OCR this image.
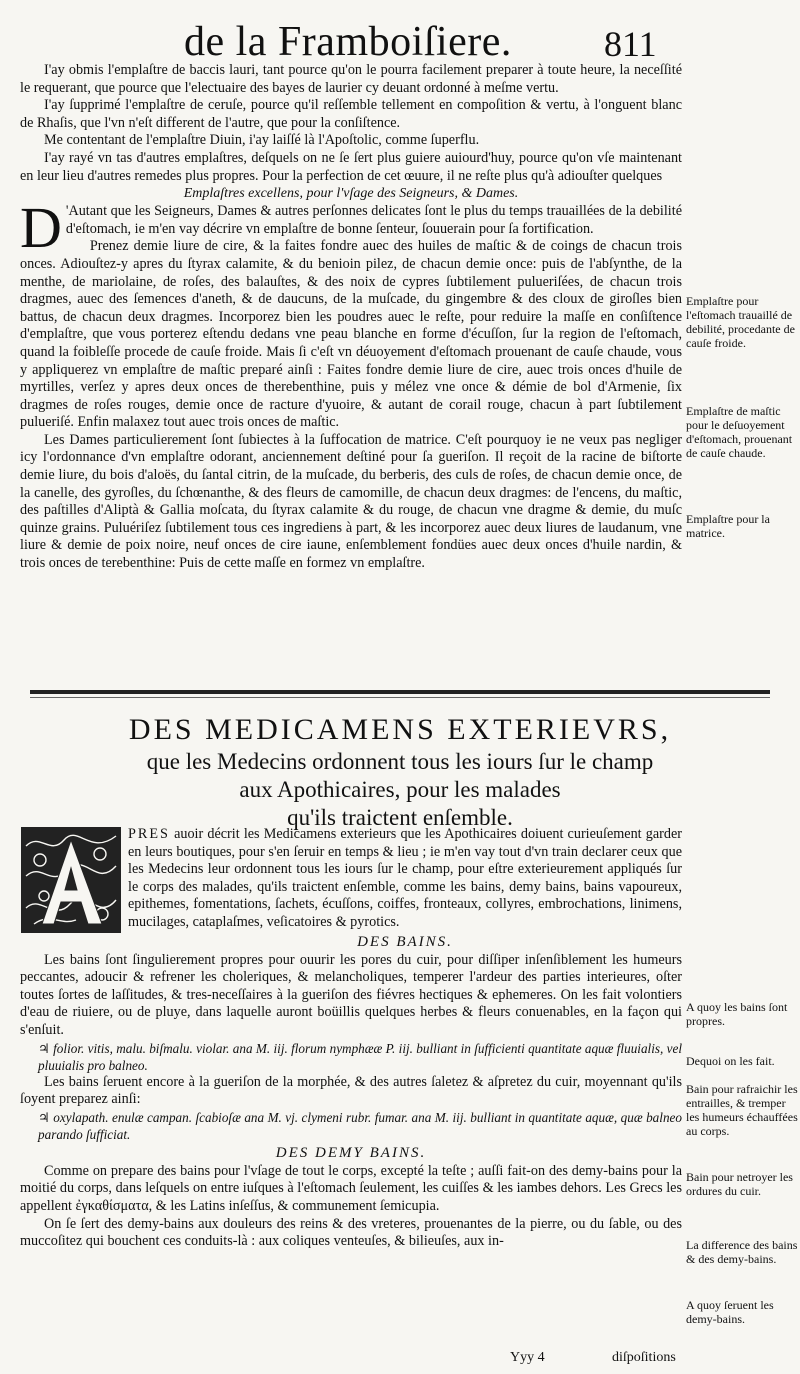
de la Framboiſiere.	811

I'ay obmis l'emplaſtre de baccis lauri, tant pource qu'on le pourra facilement preparer à toute heure, la neceſſité le requerant, que pource que l'electuaire des bayes de laurier cy deuant ordonné à meſme vertu.

I'ay ſupprimé l'emplaſtre de ceruſe, pource qu'il reſſemble tellement en compoſition & vertu, à l'onguent blanc de Rhaſis, que l'vn n'eſt different de l'autre, que pour la conſiſtence.

Me contentant de l'emplaſtre Diuin, i'ay laiſſé là l'Apoſtolic, comme ſuperflu.

I'ay rayé vn tas d'autres emplaſtres, deſquels on ne ſe ſert plus guiere auiourd'huy, pource qu'on vſe maintenant en leur lieu d'autres remedes plus propres. Pour la perfection de cet œuure, il ne reſte plus qu'à adiouſter quelques

Emplaſtres excellens, pour l'vſage des Seigneurs, & Dames.

D 'Autant que les Seigneurs, Dames & autres perſonnes delicates ſont le plus du temps trauaillées de la debilité d'eſtomach, ie m'en vay décrire vn emplaſtre de bonne ſenteur, ſouuerain pour ſa fortification.

Prenez demie liure de cire, & la faites fondre auec des huiles de maſtic & de coings de chacun trois onces. Adiouſtez-y apres du ſtyrax calamite, & du benioin pilez, de chacun demie once: puis de l'abſynthe, de la menthe, de mariolaine, de roſes, des balauſtes, & des noix de cypres ſubtilement pulueriſées, de chacun trois dragmes, auec des ſemences d'aneth, & de daucuns, de la muſcade, du gingembre & des cloux de giroſles bien battus, de chacun deux dragmes. Incorporez bien les poudres auec le reſte, pour reduire la maſſe en conſiſtence d'emplaſtre, que vous porterez eſtendu dedans vne peau blanche en forme d'écuſſon, ſur la region de l'eſtomach, quand la foibleſſe procede de cauſe froide. Mais ſi c'eſt vn déuoyement d'eſtomach prouenant de cauſe chaude, vous y appliquerez vn emplaſtre de maſtic preparé ainſi : Faites fondre demie liure de cire, auec trois onces d'huile de myrtilles, verſez y apres deux onces de therebenthine, puis y mélez vne once & démie de bol d'Armenie, ſix dragmes de roſes rouges, demie once de racture d'yuoire, & autant de corail rouge, chacun à part ſubtilement pulueriſé. Enfin malaxez tout auec trois onces de maſtic.

Les Dames particulierement ſont ſubiectes à la ſuffocation de matrice. C'eſt pourquoy ie ne veux pas negliger icy l'ordonnance d'vn emplaſtre odorant, anciennement deſtiné pour ſa gueriſon. Il reçoit de la racine de biſtorte demie liure, du bois d'aloës, du ſantal citrin, de la muſcade, du berberis, des culs de roſes, de chacun demie once, de la canelle, des gyroſles, du ſchœnanthe, & des fleurs de camomille, de chacun deux dragmes: de l'encens, du maſtic, des paſtilles d'Aliptà & Gallia moſcata, du ſtyrax calamite & du rouge, de chacun vne dragme & demie, du muſc quinze grains. Puluériſez ſubtilement tous ces ingrediens à part, & les incorporez auec deux liures de laudanum, vne liure & demie de poix noire, neuf onces de cire iaune, enſemblement fondües auec deux onces d'huile nardin, & trois onces de terebenthine: Puis de cette maſſe en formez vn emplaſtre.

Emplaſtre pour l'eſtomach trauaillé de debilité, procedante de cauſe froide.
Emplaſtre de maſtic pour le deſuoyement d'eſtomach, prouenant de cauſe chaude.
Emplaſtre pour la matrice.
DES MEDICAMENS EXTERIEVRS,
que les Medecins ordonnent tous les iours ſur le champ
aux Apothicaires, pour les malades
qu'ils traictent enſemble.

PRES auoir décrit les Medicamens exterieurs que les Apothicaires doiuent curieuſement garder en leurs boutiques, pour s'en ſeruir en temps & lieu ; ie m'en vay tout d'vn train declarer ceux que les Medecins leur ordonnent tous les iours ſur le champ, pour eſtre exterieurement appliqués ſur le corps des malades, qu'ils traictent enſemble, comme les bains, demy bains, bains vapoureux, epithemes, fomentations, ſachets, écuſſons, coiffes, fronteaux, collyres, embrochations, linimens, mucilages, cataplaſmes, veſicatoires & pyrotics.

DES BAINS.

Les bains ſont ſingulierement propres pour ouurir les pores du cuir, pour diſſiper inſenſiblement les humeurs peccantes, adoucir & refrener les choleriques, & melancholiques, temperer l'ardeur des parties interieures, oſter toutes ſortes de laſſitudes, & tres-neceſſaires à la gueriſon des fiévres hectiques & ephemeres. On les fait volontiers d'eau de riuiere, ou de pluye, dans laquelle auront boüillis quelques herbes & fleurs conuenables, en la façon qui s'enſuit.

♃ folior. vitis, malu. biſmalu. violar. ana M. iij. florum nymphææ P. iij. bulliant in ſufficienti quantitate aquæ fluuialis, vel pluuialis pro balneo.

Les bains ſeruent encore à la gueriſon de la morphée, & des autres ſaletez & aſpretez du cuir, moyennant qu'ils ſoyent preparez ainſi:

♃ oxylapath. enulæ campan. ſcabioſæ ana M. vj. clymeni rubr. fumar. ana M. iij. bulliant in quantitate aquæ, quæ balneo parando ſufficiat.

DES DEMY BAINS.

Comme on prepare des bains pour l'vſage de tout le corps, excepté la teſte ; auſſi fait-on des demy-bains pour la moitié du corps, dans leſquels on entre iuſques à l'eſtomach ſeulement, les cuiſſes & les iambes dehors. Les Grecs les appellent ἐγκαθίσματα, & les Latins inſeſſus, & communement ſemicupia.

On ſe ſert des demy-bains aux douleurs des reins & des vreteres, prouenantes de la pierre, ou du ſable, ou des muccoſitez qui bouchent ces conduits-là : aux coliques venteuſes, & bilieuſes, aux in-

A quoy les bains ſont propres.
Dequoi on les fait.
Bain pour rafraichir les entrailles, & tremper les humeurs échauffées au corps.
Bain pour netroyer les ordures du cuir.
La difference des bains & des demy-bains.
A quoy ſeruent les demy-bains.
Yyy 4	diſpoſitions
